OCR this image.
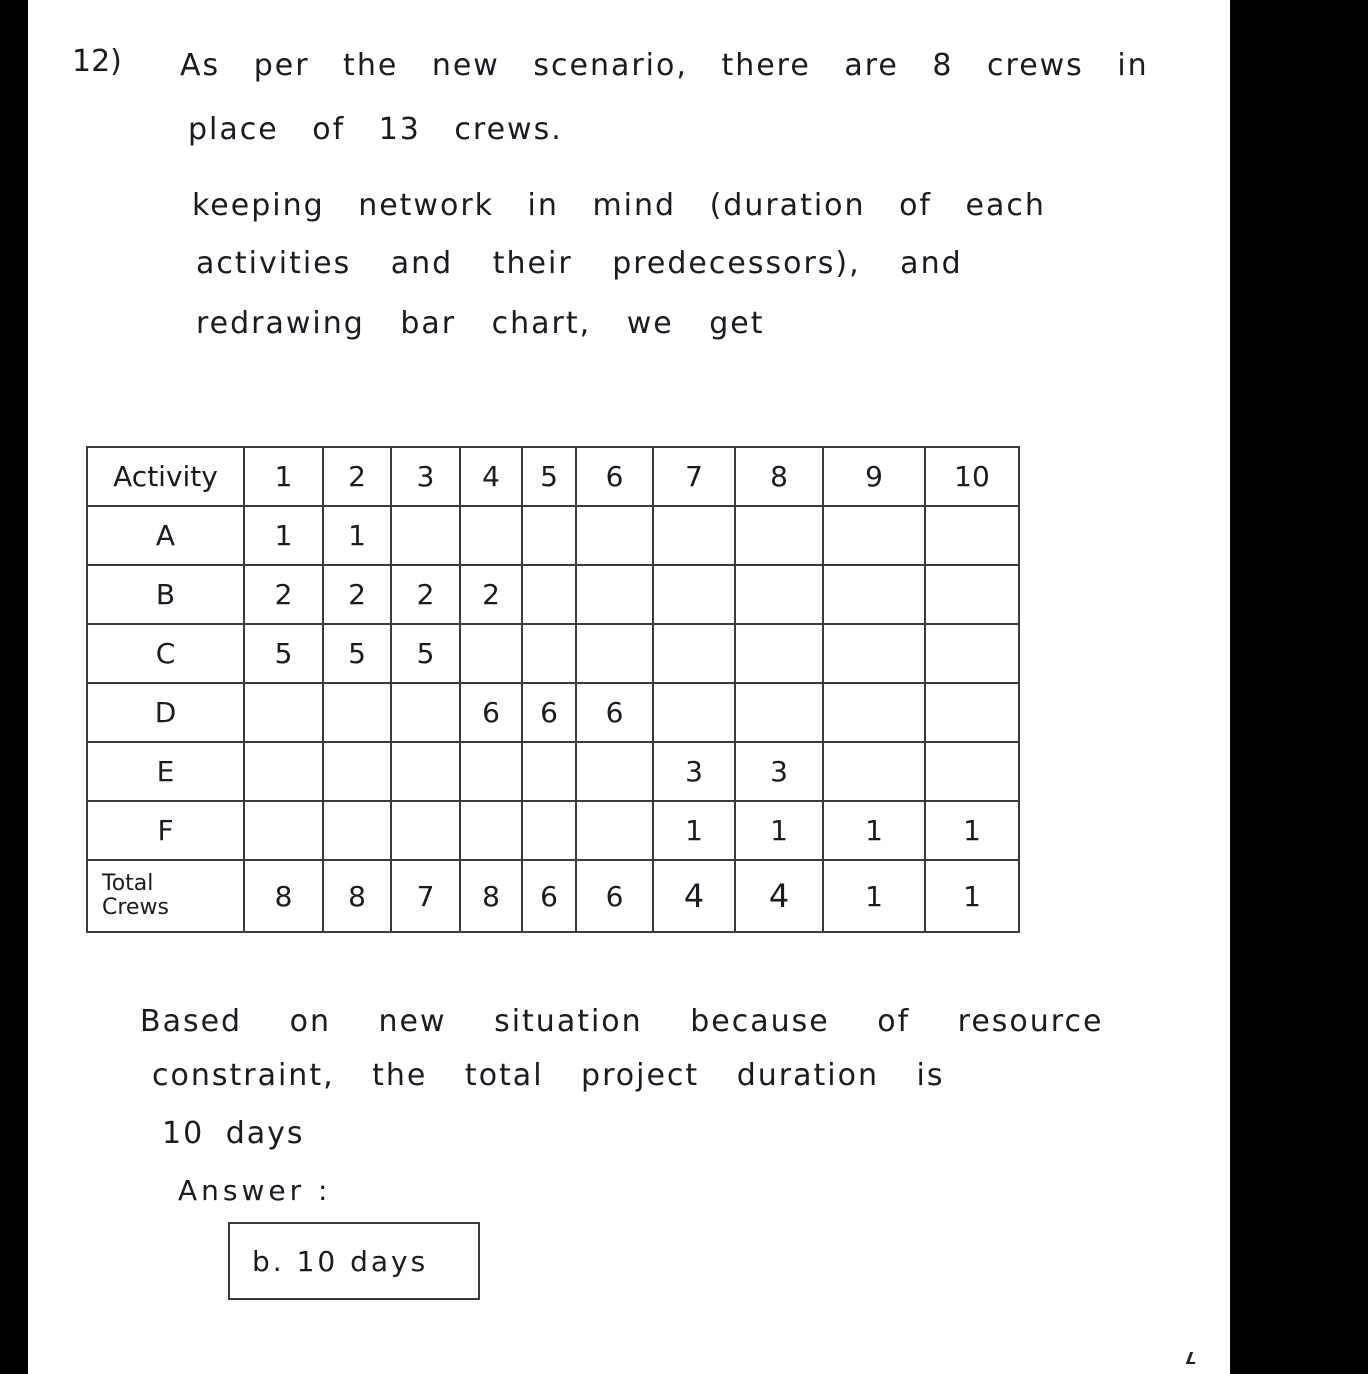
12) As per the new scenario, there are 8 crews in
place of 13 crews.
keeping network in mind (duration of each
activities and their predecessors), and
redrawing bar chart, we get
Activity	1	2	3	4	5	6	7	8	9	10
A	1	1								
B	2	2	2	2						
C	5	5	5							
D				6	6	6				
E							3	3		
F							1	1	1	1

Total
Crews	8	8	7	8	6	6	4	4	1	1
Based on new situation because of resource
constraint, the total project duration is
10 days
Answer :
b. 10 days
